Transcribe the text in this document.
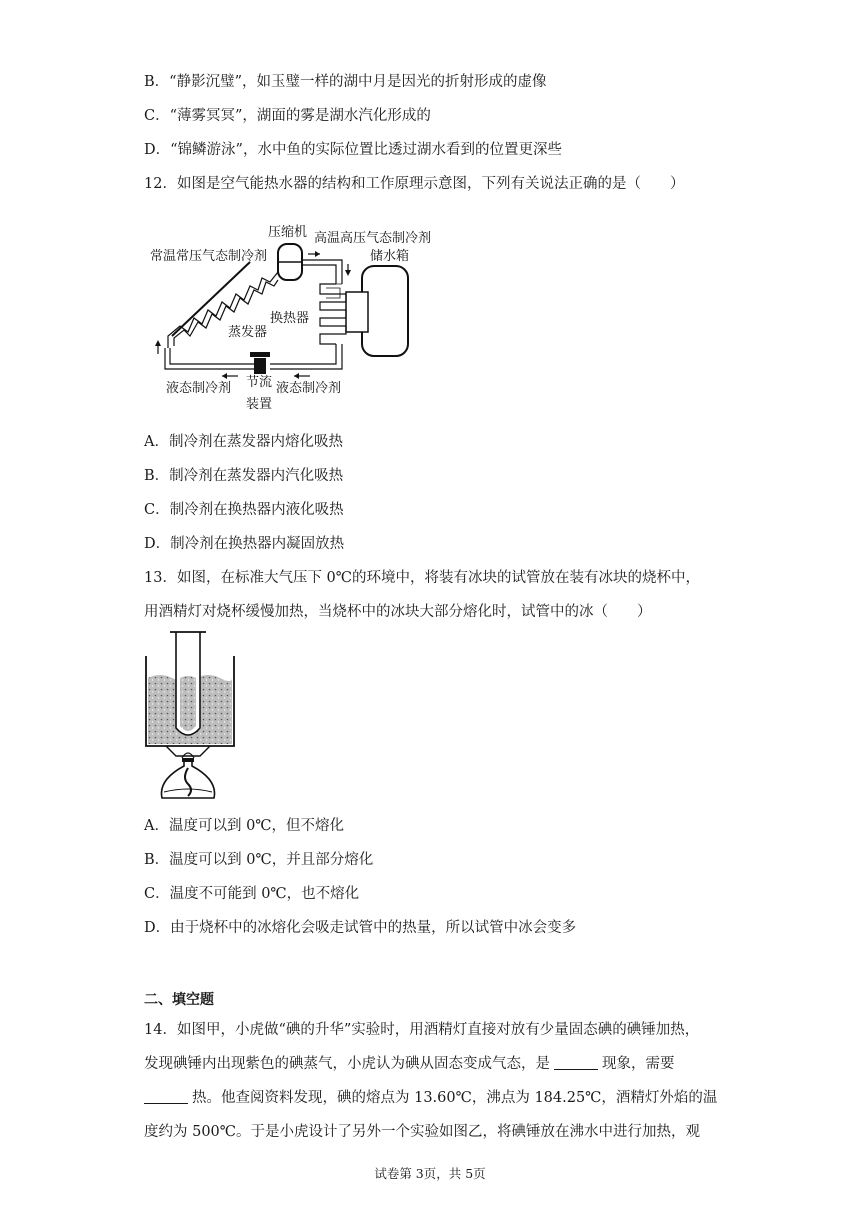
B．“静影沉璧”，如玉璧一样的湖中月是因光的折射形成的虚像
C．“薄雾冥冥”，湖面的雾是湖水汽化形成的
D．“锦鳞游泳”，水中鱼的实际位置比透过湖水看到的位置更深些
12．如图是空气能热水器的结构和工作原理示意图，下列有关说法正确的是（　　）
压缩机 高温高压气态制冷剂
储水箱
常温常压气态制冷剂
蒸发器
换热器
液态制冷剂 节流
装置
液态制冷剂
A．制冷剂在蒸发器内熔化吸热
B．制冷剂在蒸发器内汽化吸热
C．制冷剂在换热器内液化吸热
D．制冷剂在换热器内凝固放热
13．如图，在标准大气压下 0℃的环境中，将装有冰块的试管放在装有冰块的烧杯中，
用酒精灯对烧杯缓慢加热，当烧杯中的冰块大部分熔化时，试管中的冰（　　）
A．温度可以到 0℃，但不熔化
B．温度可以到 0℃，并且部分熔化
C．温度不可能到 0℃，也不熔化
D．由于烧杯中的冰熔化会吸走试管中的热量，所以试管中冰会变多
二、填空题
14．如图甲，小虎做“碘的升华”实验时，用酒精灯直接对放有少量固态碘的碘锤加热，
发现碘锤内出现紫色的碘蒸气，小虎认为碘从固态变成气态，是	现象，需要
热。他查阅资料发现，碘的熔点为 13.60℃，沸点为 184.25℃，酒精灯外焰的温
度约为 500℃。于是小虎设计了另外一个实验如图乙，将碘锤放在沸水中进行加热，观
试卷第 3页，共 5页
